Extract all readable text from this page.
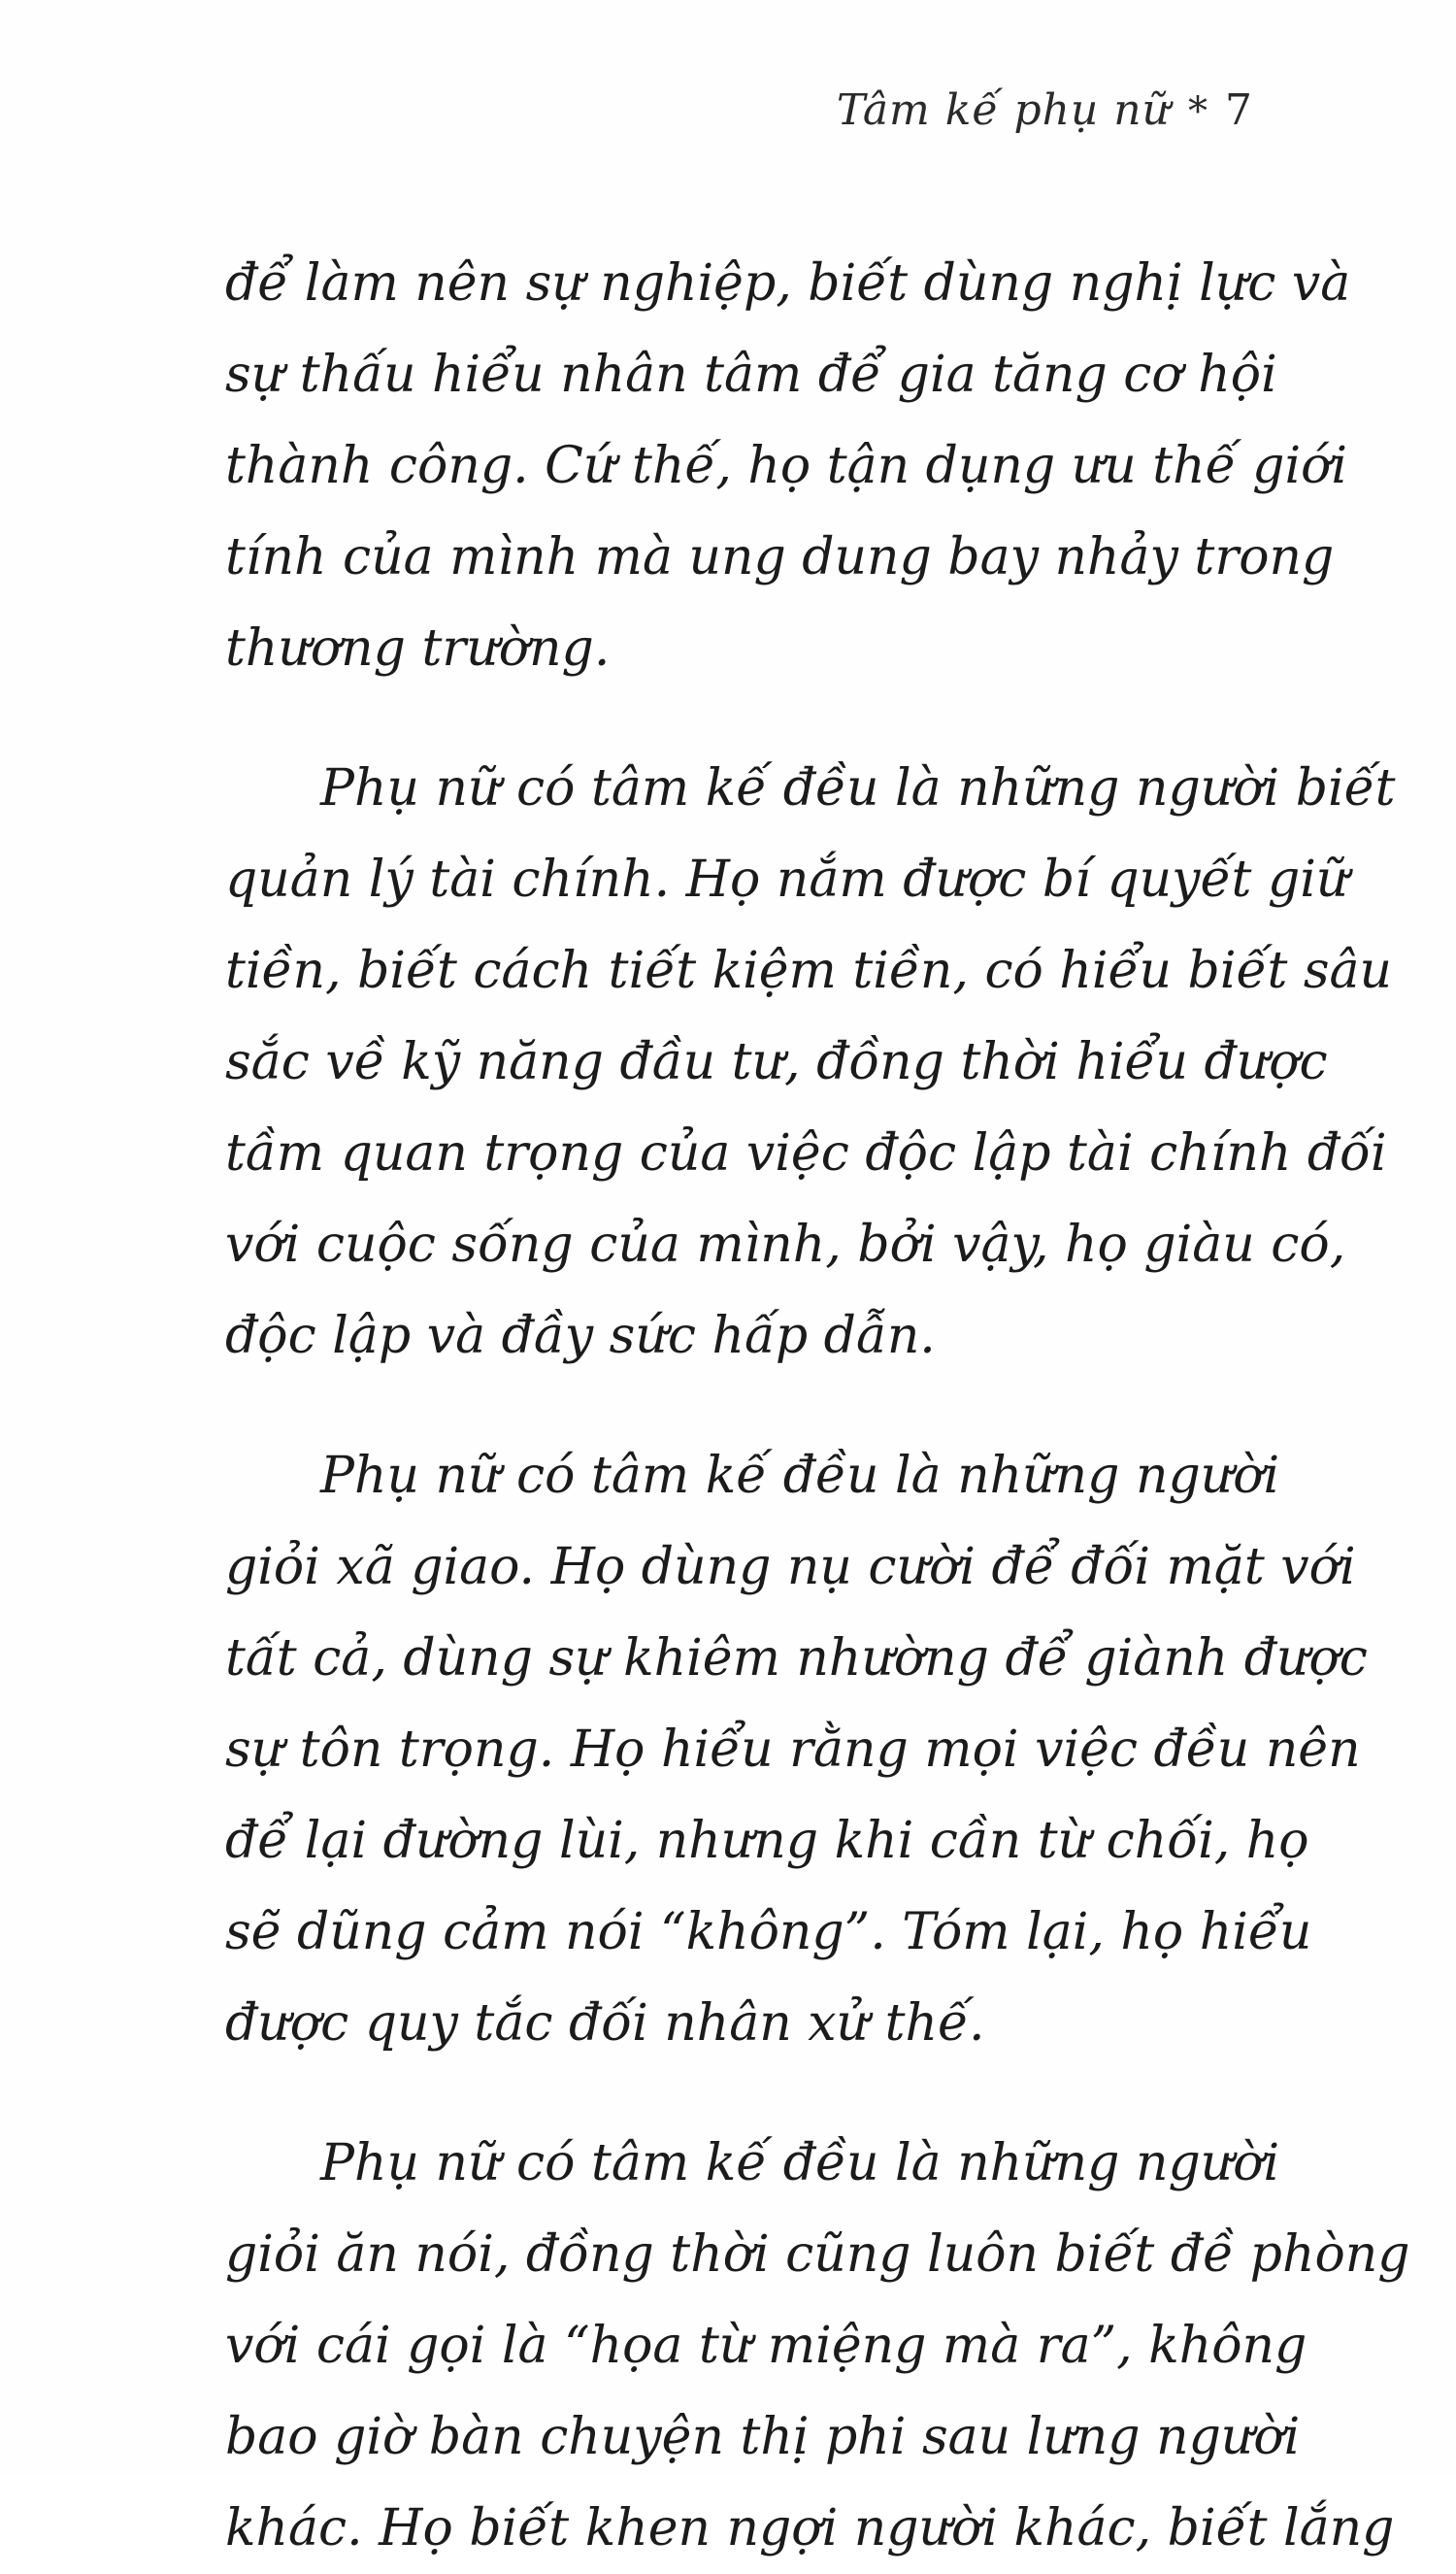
Tâm kế phụ nữ * 7
để làm nên sự nghiệp, biết dùng nghị lực và
sự thấu hiểu nhân tâm để gia tăng cơ hội
thành công. Cứ thế, họ tận dụng ưu thế giới
tính của mình mà ung dung bay nhảy trong
thương trường.
Phụ nữ có tâm kế đều là những người biết
quản lý tài chính. Họ nắm được bí quyết giữ
tiền, biết cách tiết kiệm tiền, có hiểu biết sâu
sắc về kỹ năng đầu tư, đồng thời hiểu được
tầm quan trọng của việc độc lập tài chính đối
với cuộc sống của mình, bởi vậy, họ giàu có,
độc lập và đầy sức hấp dẫn.
Phụ nữ có tâm kế đều là những người
giỏi xã giao. Họ dùng nụ cười để đối mặt với
tất cả, dùng sự khiêm nhường để giành được
sự tôn trọng. Họ hiểu rằng mọi việc đều nên
để lại đường lùi, nhưng khi cần từ chối, họ
sẽ dũng cảm nói “không”. Tóm lại, họ hiểu
được quy tắc đối nhân xử thế.
Phụ nữ có tâm kế đều là những người
giỏi ăn nói, đồng thời cũng luôn biết đề phòng
với cái gọi là “họa từ miệng mà ra”, không
bao giờ bàn chuyện thị phi sau lưng người
khác. Họ biết khen ngợi người khác, biết lắng
